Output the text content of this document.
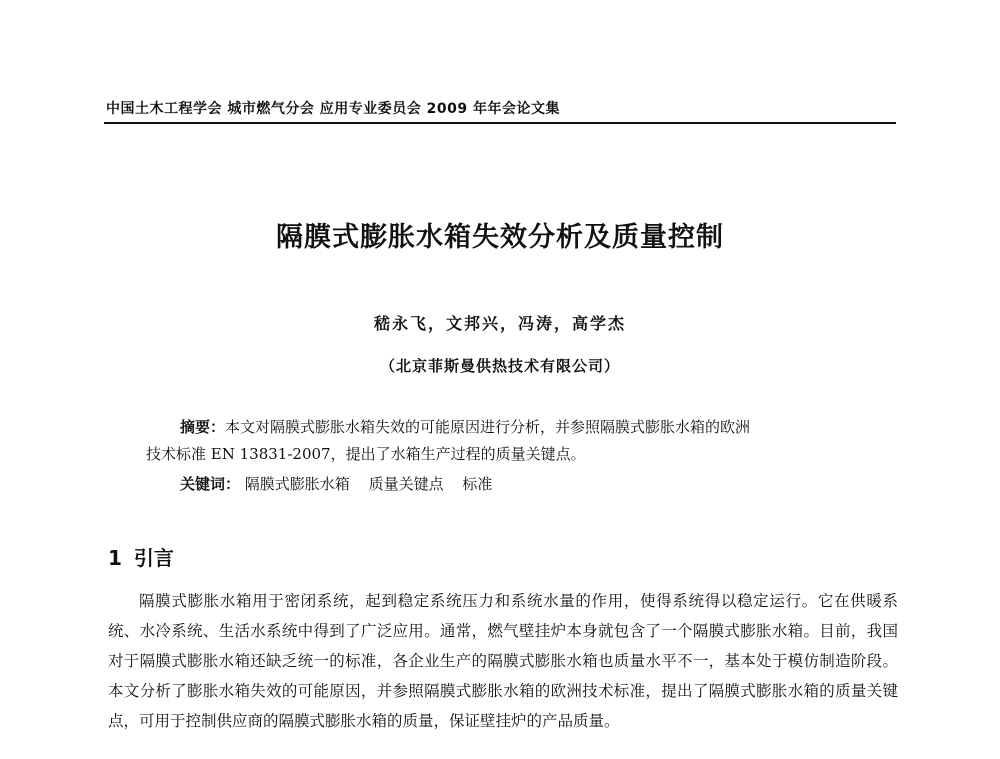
中国土木工程学会 城市燃气分会 应用专业委员会 2009 年年会论文集
隔膜式膨胀水箱失效分析及质量控制
嵇永飞，文邦兴，冯涛，高学杰
（北京菲斯曼供热技术有限公司）
摘要：本文对隔膜式膨胀水箱失效的可能原因进行分析，并参照隔膜式膨胀水箱的欧洲
技术标准 EN 13831-2007，提出了水箱生产过程的质量关键点。
关键词： 隔膜式膨胀水箱 质量关键点 标准
1 引言

隔膜式膨胀水箱用于密闭系统，起到稳定系统压力和系统水量的作用，使得系统得以稳定运行。它在供暖系统、水冷系统、生活水系统中得到了广泛应用。通常，燃气壁挂炉本身就包含了一个隔膜式膨胀水箱。目前，我国对于隔膜式膨胀水箱还缺乏统一的标准，各企业生产的隔膜式膨胀水箱也质量水平不一，基本处于模仿制造阶段。本文分析了膨胀水箱失效的可能原因，并参照隔膜式膨胀水箱的欧洲技术标准，提出了隔膜式膨胀水箱的质量关键点，可用于控制供应商的隔膜式膨胀水箱的质量，保证壁挂炉的产品质量。
